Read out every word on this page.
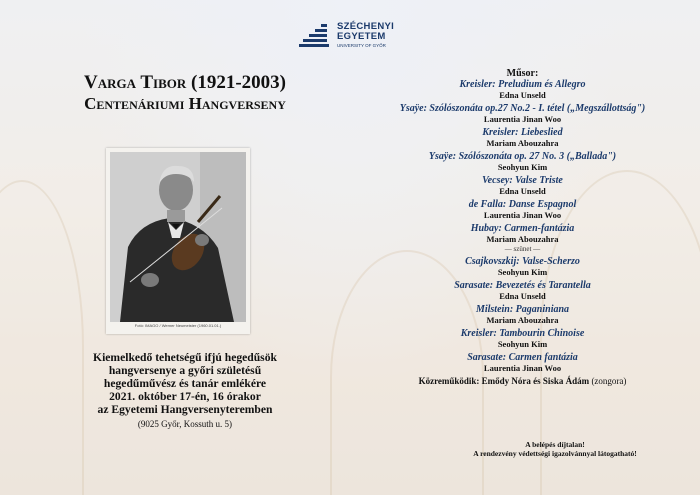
SZÉCHENYI
EGYETEM
UNIVERSITY OF GYŐR
Varga Tibor (1921-2003)
Centenáriumi Hangverseny
Fotó: IMAGO / Werner Neumeister (1960.01.01.)
Kiemelkedő tehetségű ifjú hegedűsök
hangversenye a győri születésű
hegedűművész és tanár emlékére
2021. október 17-én, 16 órakor
az Egyetemi Hangversenyteremben
(9025 Győr, Kossuth u. 5)
Műsor:
Kreisler: Preludium és Allegro
Edna Unseld
Ysaÿe: Szólószonáta op.27 No.2 - I. tétel („Megszállottság")
Laurentia Jinan Woo
Kreisler: Liebeslied
Mariam Abouzahra
Ysaÿe: Szólószonáta op. 27 No. 3 („Ballada")
Seohyun Kim
Vecsey: Valse Triste
Edna Unseld
de Falla: Danse Espagnol
Laurentia Jinan Woo
Hubay: Carmen-fantázia
Mariam Abouzahra
— szünet —
Csajkovszkij: Valse-Scherzo
Seohyun Kim
Sarasate: Bevezetés és Tarantella
Edna Unseld
Milstein: Paganiniana
Mariam Abouzahra
Kreisler: Tambourin Chinoise
Seohyun Kim
Sarasate: Carmen fantázia
Laurentia Jinan Woo
Közreműködik: Emődy Nóra és Siska Ádám (zongora)
A belépés díjtalan!
A rendezvény védettségi igazolvánnyal látogatható!
